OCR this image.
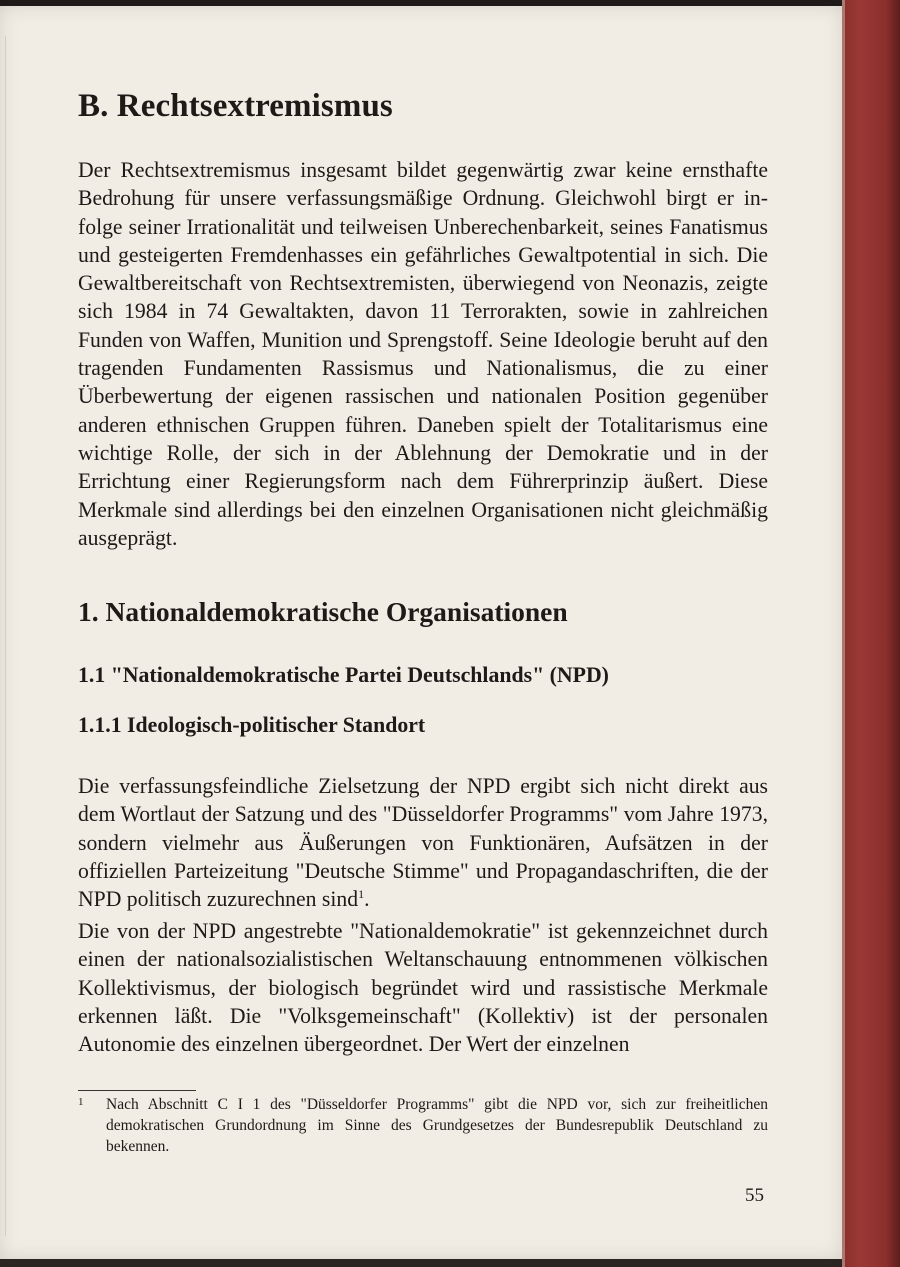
B. Rechtsextremismus

Der Rechtsextremismus insgesamt bildet gegenwärtig zwar keine ernsthafte Bedrohung für unsere verfassungsmäßige Ordnung. Gleichwohl birgt er infolge seiner Irrationalität und teilweisen Unberechenbarkeit, seines Fanatismus und gesteigerten Fremdenhasses ein gefährliches Gewaltpotential in sich. Die Gewaltbereitschaft von Rechtsextremisten, überwiegend von Neonazis, zeigte sich 1984 in 74 Gewaltakten, davon 11 Terrorakten, sowie in zahlreichen Funden von Waffen, Munition und Sprengstoff. Seine Ideologie beruht auf den tragenden Fundamenten Rassismus und Nationalismus, die zu einer Überbewertung der eigenen rassischen und nationalen Position gegenüber anderen ethnischen Gruppen führen. Daneben spielt der Totalitarismus eine wichtige Rolle, der sich in der Ablehnung der Demokratie und in der Errichtung einer Regierungsform nach dem Führerprinzip äußert. Diese Merkmale sind allerdings bei den einzelnen Organisationen nicht gleichmäßig ausgeprägt.

1. Nationaldemokratische Organisationen
1.1 "Nationaldemokratische Partei Deutschlands" (NPD)
1.1.1 Ideologisch-politischer Standort

Die verfassungsfeindliche Zielsetzung der NPD ergibt sich nicht direkt aus dem Wortlaut der Satzung und des "Düsseldorfer Programms" vom Jahre 1973, sondern vielmehr aus Äußerungen von Funktionären, Aufsätzen in der offiziellen Parteizeitung "Deutsche Stimme" und Propagandaschriften, die der NPD politisch zuzurechnen sind$^1$.

Die von der NPD angestrebte "Nationaldemokratie" ist gekennzeichnet durch einen der nationalsozialistischen Weltanschauung entnommenen völkischen Kollektivismus, der biologisch begründet wird und rassistische Merkmale erkennen läßt. Die "Volksgemeinschaft" (Kollektiv) ist der personalen Autonomie des einzelnen übergeordnet. Der Wert der einzelnen

1 Nach Abschnitt C I 1 des "Düsseldorfer Programms" gibt die NPD vor, sich zur freiheitlichen demokratischen Grundordnung im Sinne des Grundgesetzes der Bundesrepublik Deutschland zu bekennen.
55
